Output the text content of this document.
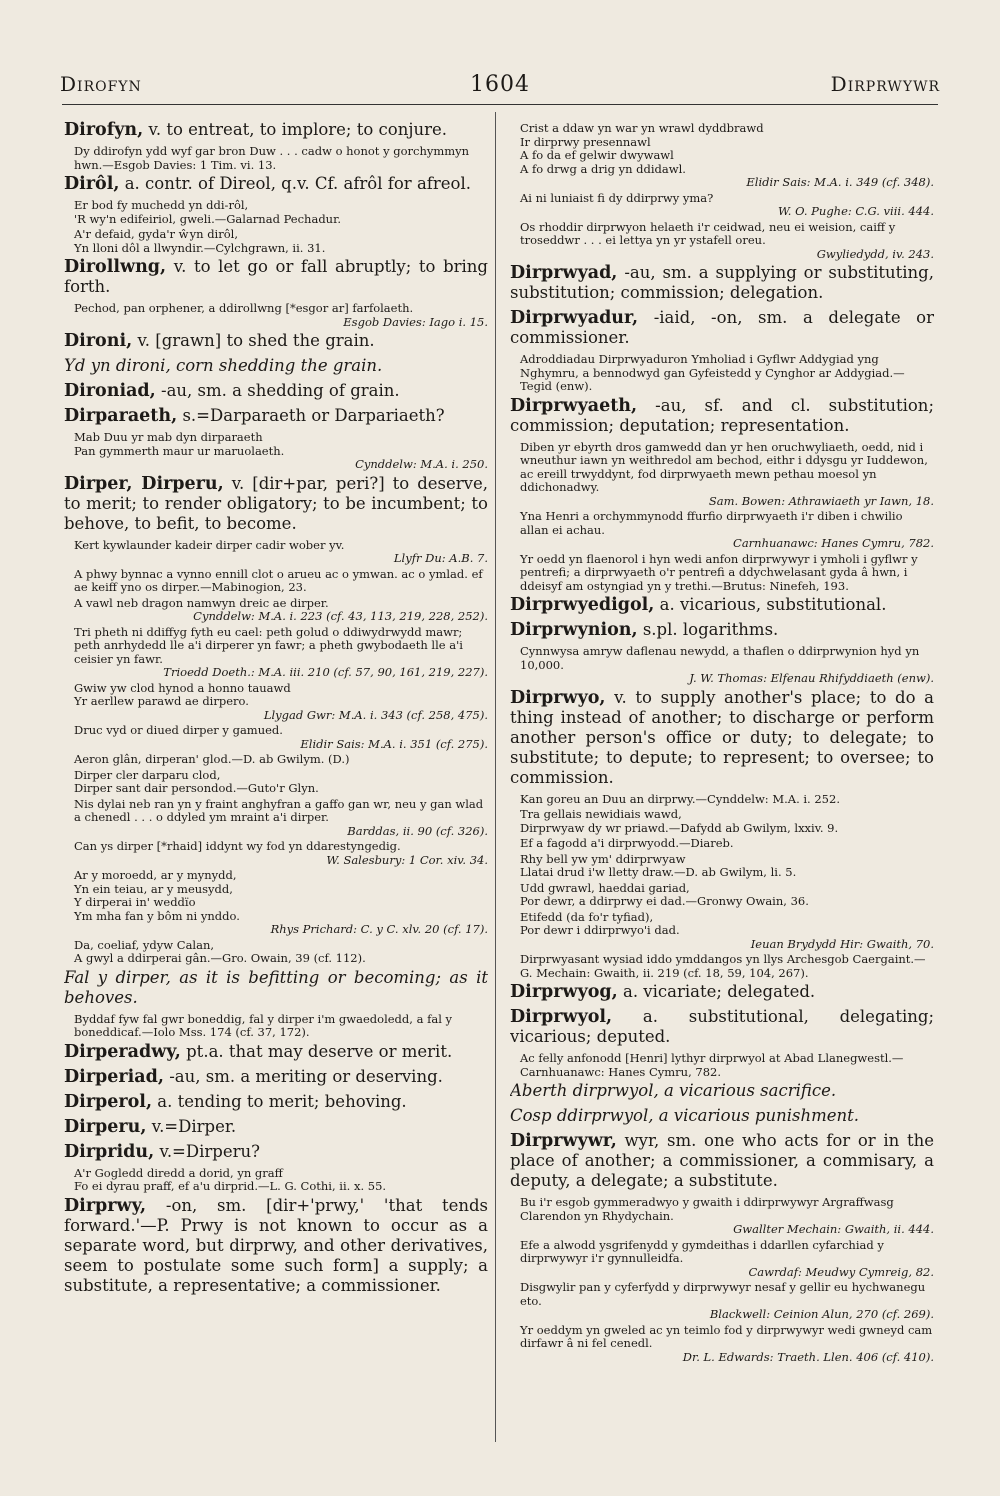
Dirofyn	1604	Dirprwywr
Dirofyn, v. to entreat, to implore; to conjure.
Dy ddirofyn ydd wyf gar bron Duw . . . cadw o honot y gorchymmyn hwn.—Esgob Davies: 1 Tim. vi. 13.
Dirôl, a. contr. of Direol, q.v. Cf. afrôl for afreol.
Er bod fy muchedd yn ddi-rôl,
'R wy'n edifeiriol, gweli.—Galarnad Pechadur.
A'r defaid, gyda'r ŵyn dirôl,
Yn lloni dôl a llwyndir.—Cylchgrawn, ii. 31.
Dirollwng, v. to let go or fall abruptly; to bring forth.
Pechod, pan orphener, a ddirollwng [*esgor ar] farfolaeth.
Esgob Davies: Iago i. 15.
Dironi, v. [grawn] to shed the grain.
Yd yn dironi, corn shedding the grain.
Dironiad, -au, sm. a shedding of grain.
Dirparaeth, s.=Darparaeth or Darpariaeth?
Mab Duu yr mab dyn dirparaeth
Pan gymmerth maur ur maruolaeth.
Cynddelw: M.A. i. 250.
Dirper, Dirperu, v. [dir+par, peri?] to deserve, to merit; to render obligatory; to be incumbent; to behove, to befit, to become.
Kert kywlaunder kadeir dirper cadir wober yv.
Llyfr Du: A.B. 7.
A phwy bynnac a vynno ennill clot o arueu ac o ymwan. ac o ymlad. ef ae keiff yno os dirper.—Mabinogion, 23.
A vawl neb dragon namwyn dreic ae dirper.
Cynddelw: M.A. i. 223 (cf. 43, 113, 219, 228, 252).
Tri pheth ni ddiffyg fyth eu cael: peth golud o ddiwydrwydd mawr; peth anrhydedd lle a'i dirperer yn fawr; a pheth gwybodaeth lle a'i ceisier yn fawr.
Trioedd Doeth.: M.A. iii. 210 (cf. 57, 90, 161, 219, 227).
Gwiw yw clod hynod a honno tauawd
Yr aerllew parawd ae dirpero.
Llygad Gwr: M.A. i. 343 (cf. 258, 475).
Druc vyd or diued dirper y gamued.
Elidir Sais: M.A. i. 351 (cf. 275).
Aeron glân, dirperan' glod.—D. ab Gwilym. (D.)
Dirper cler darparu clod,
Dirper sant dair persondod.—Guto'r Glyn.
Nis dylai neb ran yn y fraint anghyfran a gaffo gan wr, neu y gan wlad a chenedl . . . o ddyled ym mraint a'i dirper.
Barddas, ii. 90 (cf. 326).
Can ys dirper [*rhaid] iddynt wy fod yn ddarestyngedig.
W. Salesbury: 1 Cor. xiv. 34.
Ar y moroedd, ar y mynydd,
Yn ein teiau, ar y meusydd,
Y dirperai in' weddïo
Ym mha fan y bôm ni ynddo.
Rhys Prichard: C. y C. xlv. 20 (cf. 17).
Da, coeliaf, ydyw Calan,
A gwyl a ddirperai gân.—Gro. Owain, 39 (cf. 112).
Fal y dirper, as it is befitting or becoming; as it behoves.
Byddaf fyw fal gwr boneddig, fal y dirper i'm gwaedoledd, a fal y boneddicaf.—Iolo Mss. 174 (cf. 37, 172).
Dirperadwy, pt.a. that may deserve or merit.
Dirperiad, -au, sm. a meriting or deserving.
Dirperol, a. tending to merit; behoving.
Dirperu, v.=Dirper.
Dirpridu, v.=Dirperu?
A'r Gogledd diredd a dorid, yn graff
Fo ei dyrau praff, ef a'u dirprid.—L. G. Cothi, ii. x. 55.
Dirprwy, -on, sm. [dir+'prwy,' 'that tends forward.'—P. Prwy is not known to occur as a separate word, but dirprwy, and other derivatives, seem to postulate some such form] a supply; a substitute, a representative; a commissioner.
Crist a ddaw yn war yn wrawl dyddbrawd
Ir dirprwy presennawl
A fo da ef gelwir dwywawl
A fo drwg a drig yn ddidawl.
Elidir Sais: M.A. i. 349 (cf. 348).
Ai ni luniaist fi dy ddirprwy yma?
W. O. Pughe: C.G. viii. 444.
Os rhoddir dirprwyon helaeth i'r ceidwad, neu ei weision, caiff y troseddwr . . . ei lettya yn yr ystafell oreu.
Gwyliedydd, iv. 243.
Dirprwyad, -au, sm. a supplying or substituting, substitution; commission; delegation.
Dirprwyadur, -iaid, -on, sm. a delegate or commissioner.
Adroddiadau Dirprwyaduron Ymholiad i Gyflwr Addygiad yng Nghymru, a bennodwyd gan Gyfeistedd y Cynghor ar Addygiad.—Tegid (enw).
Dirprwyaeth, -au, sf. and cl. substitution; commission; deputation; representation.
Diben yr ebyrth dros gamwedd dan yr hen oruchwyliaeth, oedd, nid i wneuthur iawn yn weithredol am bechod, eithr i ddysgu yr Iuddewon, ac ereill trwyddynt, fod dirprwyaeth mewn pethau moesol yn ddichonadwy.
Sam. Bowen: Athrawiaeth yr Iawn, 18.
Yna Henri a orchymmynodd ffurfio dirprwyaeth i'r diben i chwilio allan ei achau.
Carnhuanawc: Hanes Cymru, 782.
Yr oedd yn flaenorol i hyn wedi anfon dirprwywyr i ymholi i gyflwr y pentrefi; a dirprwyaeth o'r pentrefi a ddychwelasant gyda â hwn, i ddeisyf am ostyngiad yn y trethi.—Brutus: Ninefeh, 193.
Dirprwyedigol, a. vicarious, substitutional.
Dirprwynion, s.pl. logarithms.
Cynnwysa amryw daflenau newydd, a thaflen o ddirprwynion hyd yn 10,000.
J. W. Thomas: Elfenau Rhifyddiaeth (enw).
Dirprwyo, v. to supply another's place; to do a thing instead of another; to discharge or perform another person's office or duty; to delegate; to substitute; to depute; to represent; to oversee; to commission.
Kan goreu an Duu an dirprwy.—Cynddelw: M.A. i. 252.
Tra gellais newidiais wawd,
Dirprwyaw dy wr priawd.—Dafydd ab Gwilym, lxxiv. 9.
Ef a fagodd a'i dirprwyodd.—Diareb.
Rhy bell yw ym' ddirprwyaw
Llatai drud i'w lletty draw.—D. ab Gwilym, li. 5.
Udd gwrawl, haeddai gariad,
Por dewr, a ddirprwy ei dad.—Gronwy Owain, 36.
Etifedd (da fo'r tyfiad),
Por dewr i ddirprwyo'i dad.
Ieuan Brydydd Hir: Gwaith, 70.
Dirprwyasant wysiad iddo ymddangos yn llys Archesgob Caergaint.—G. Mechain: Gwaith, ii. 219 (cf. 18, 59, 104, 267).
Dirprwyog, a. vicariate; delegated.
Dirprwyol, a. substitutional, delegating; vicarious; deputed.
Ac felly anfonodd [Henri] lythyr dirprwyol at Abad Llanegwestl.—Carnhuanawc: Hanes Cymru, 782.
Aberth dirprwyol, a vicarious sacrifice.
Cosp ddirprwyol, a vicarious punishment.
Dirprwywr, wyr, sm. one who acts for or in the place of another; a commissioner, a commisary, a deputy, a delegate; a substitute.
Bu i'r esgob gymmeradwyo y gwaith i ddirprwywyr Argraffwasg Clarendon yn Rhydychain.
Gwallter Mechain: Gwaith, ii. 444.
Efe a alwodd ysgrifenydd y gymdeithas i ddarllen cyfarchiad y dirprwywyr i'r gynnulleidfa.
Cawrdaf: Meudwy Cymreig, 82.
Disgwylir pan y cyferfydd y dirprwywyr nesaf y gellir eu hychwanegu eto.
Blackwell: Ceinion Alun, 270 (cf. 269).
Yr oeddym yn gweled ac yn teimlo fod y dirprwywyr wedi gwneyd cam dirfawr â ni fel cenedl.
Dr. L. Edwards: Traeth. Llen. 406 (cf. 410).
